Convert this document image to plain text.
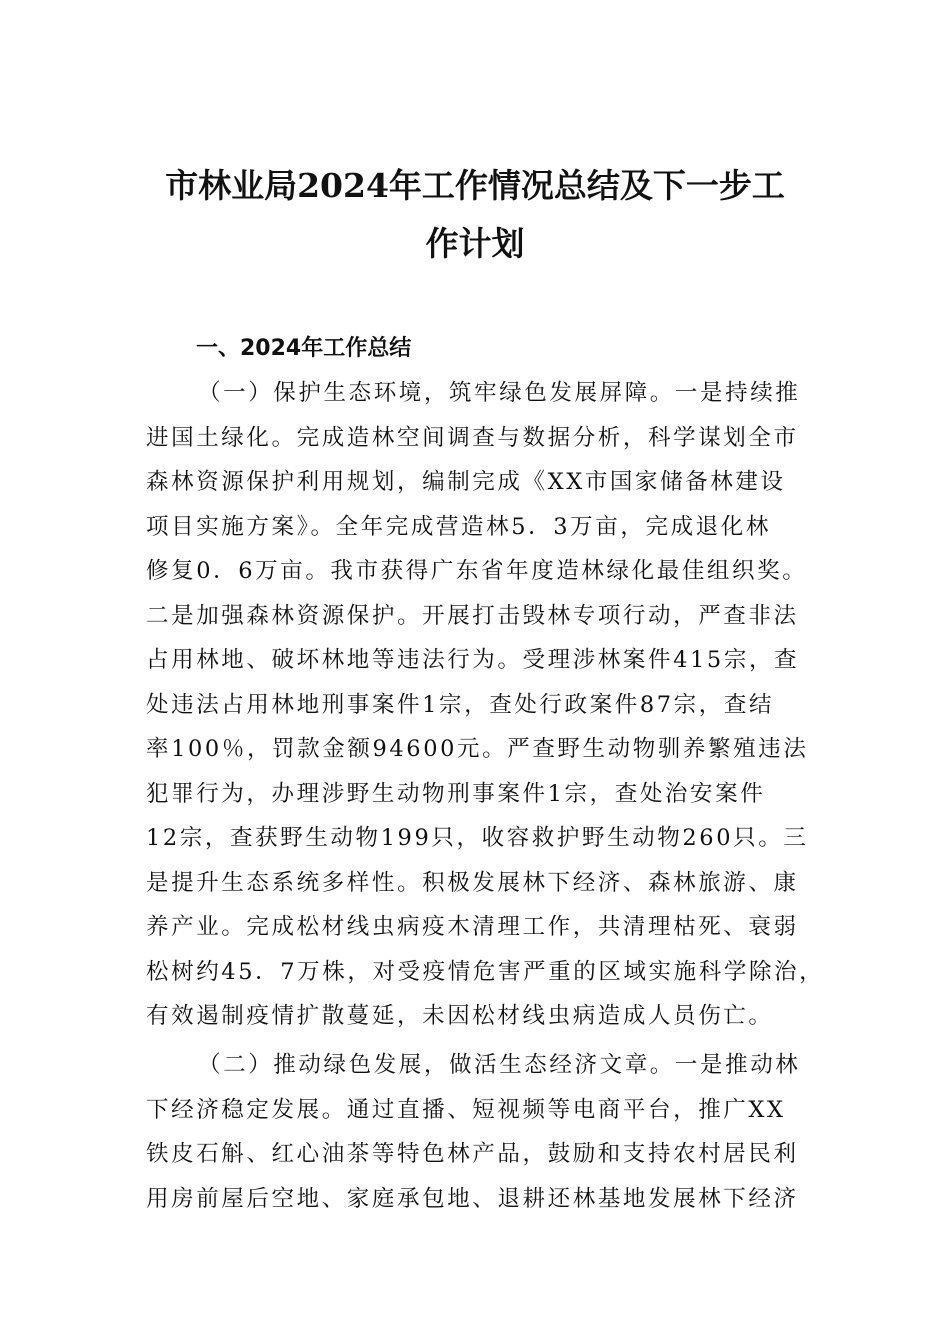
市林业局2024年工作情况总结及下一步工
作计划
一、2024年工作总结
（一）保护生态环境，筑牢绿色发展屏障。一是持续推
进国土绿化。完成造林空间调查与数据分析，科学谋划全市
森林资源保护利用规划，编制完成《XX市国家储备林建设
项目实施方案》。全年完成营造林5．3万亩，完成退化林
修复0．6万亩。我市获得广东省年度造林绿化最佳组织奖。
二是加强森林资源保护。开展打击毁林专项行动，严查非法
占用林地、破坏林地等违法行为。受理涉林案件415宗，查
处违法占用林地刑事案件1宗，查处行政案件87宗，查结
率100％，罚款金额94600元。严查野生动物驯养繁殖违法
犯罪行为，办理涉野生动物刑事案件1宗，查处治安案件
12宗，查获野生动物199只，收容救护野生动物260只。三
是提升生态系统多样性。积极发展林下经济、森林旅游、康
养产业。完成松材线虫病疫木清理工作，共清理枯死、衰弱
松树约45．7万株，对受疫情危害严重的区域实施科学除治，
有效遏制疫情扩散蔓延，未因松材线虫病造成人员伤亡。
（二）推动绿色发展，做活生态经济文章。一是推动林
下经济稳定发展。通过直播、短视频等电商平台，推广XX
铁皮石斛、红心油茶等特色林产品，鼓励和支持农村居民利
用房前屋后空地、家庭承包地、退耕还林基地发展林下经济
